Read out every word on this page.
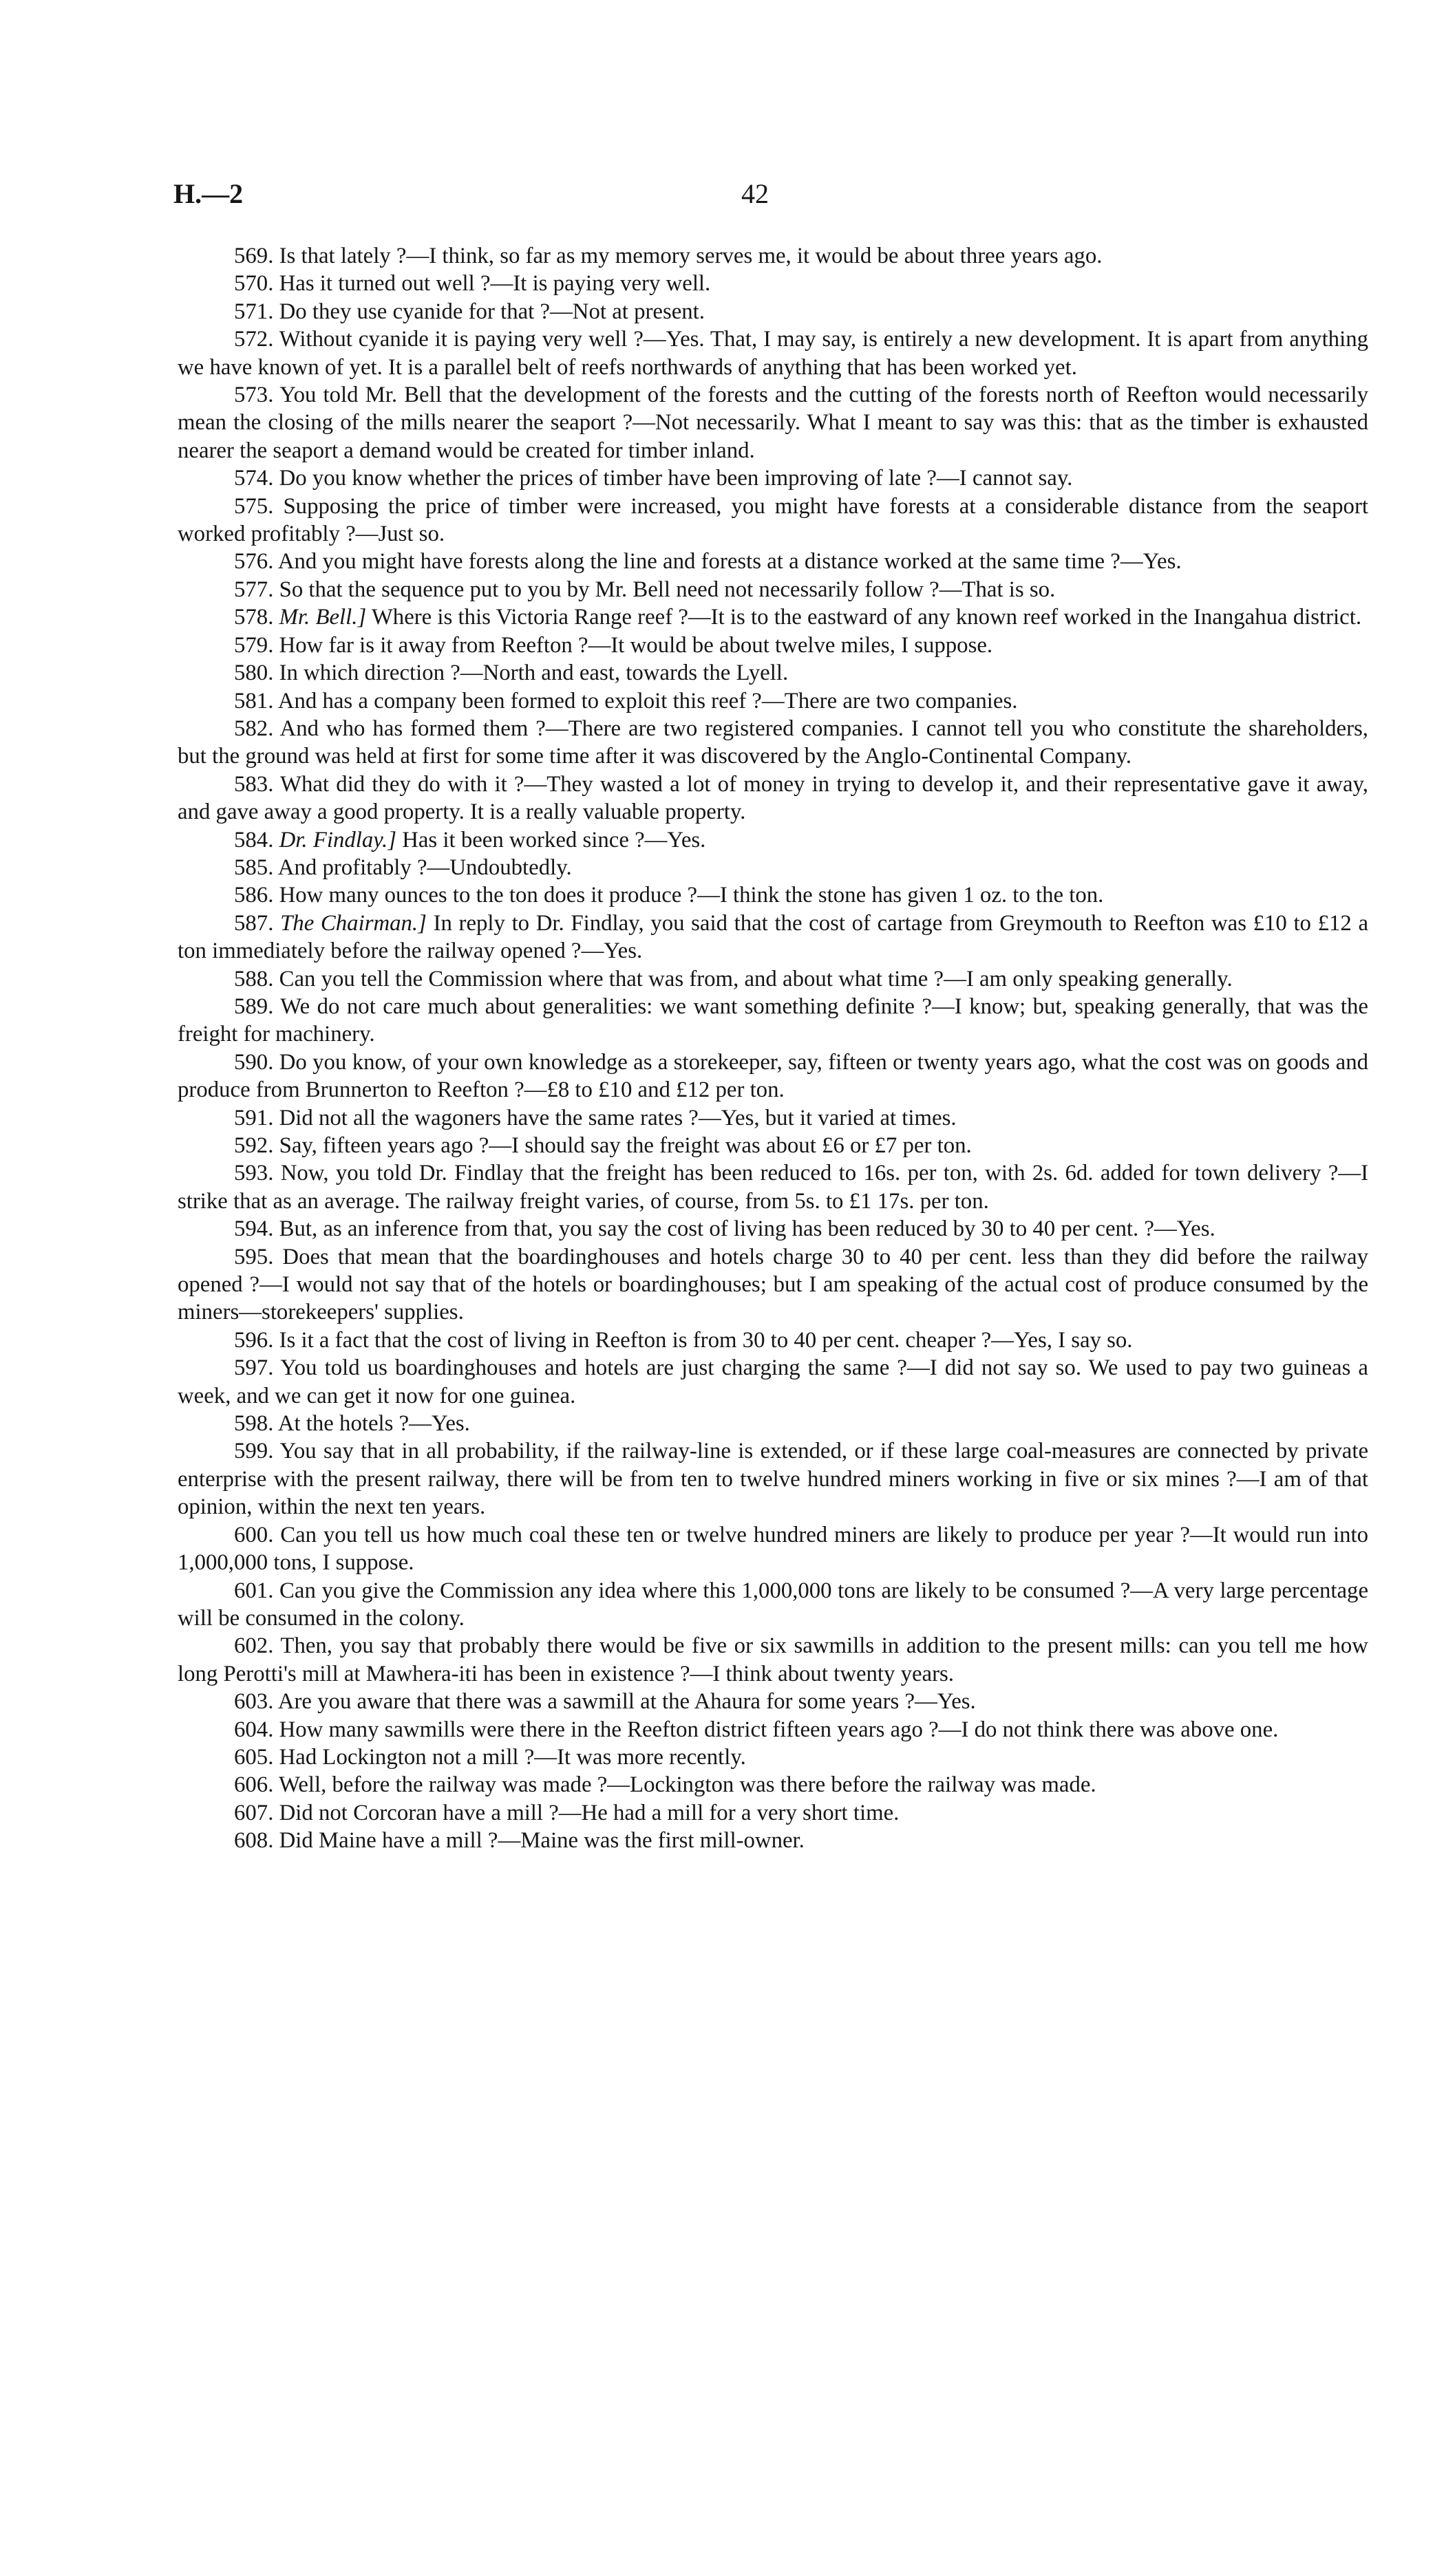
H.—2	42

569. Is that lately ?—I think, so far as my memory serves me, it would be about three years ago.

570. Has it turned out well ?—It is paying very well.

571. Do they use cyanide for that ?—Not at present.

572. Without cyanide it is paying very well ?—Yes. That, I may say, is entirely a new development. It is apart from anything we have known of yet. It is a parallel belt of reefs northwards of anything that has been worked yet.

573. You told Mr. Bell that the development of the forests and the cutting of the forests north of Reefton would necessarily mean the closing of the mills nearer the seaport ?—Not necessarily. What I meant to say was this: that as the timber is exhausted nearer the seaport a demand would be created for timber inland.

574. Do you know whether the prices of timber have been improving of late ?—I cannot say.

575. Supposing the price of timber were increased, you might have forests at a considerable distance from the seaport worked profitably ?—Just so.

576. And you might have forests along the line and forests at a distance worked at the same time ?—Yes.

577. So that the sequence put to you by Mr. Bell need not necessarily follow ?—That is so.

578. Mr. Bell.] Where is this Victoria Range reef ?—It is to the eastward of any known reef worked in the Inangahua district.

579. How far is it away from Reefton ?—It would be about twelve miles, I suppose.

580. In which direction ?—North and east, towards the Lyell.

581. And has a company been formed to exploit this reef ?—There are two companies.

582. And who has formed them ?—There are two registered companies. I cannot tell you who constitute the shareholders, but the ground was held at first for some time after it was discovered by the Anglo-Continental Company.

583. What did they do with it ?—They wasted a lot of money in trying to develop it, and their representative gave it away, and gave away a good property. It is a really valuable property.

584. Dr. Findlay.] Has it been worked since ?—Yes.

585. And profitably ?—Undoubtedly.

586. How many ounces to the ton does it produce ?—I think the stone has given 1 oz. to the ton.

587. The Chairman.] In reply to Dr. Findlay, you said that the cost of cartage from Greymouth to Reefton was £10 to £12 a ton immediately before the railway opened ?—Yes.

588. Can you tell the Commission where that was from, and about what time ?—I am only speaking generally.

589. We do not care much about generalities: we want something definite ?—I know; but, speaking generally, that was the freight for machinery.

590. Do you know, of your own knowledge as a storekeeper, say, fifteen or twenty years ago, what the cost was on goods and produce from Brunnerton to Reefton ?—£8 to £10 and £12 per ton.

591. Did not all the wagoners have the same rates ?—Yes, but it varied at times.

592. Say, fifteen years ago ?—I should say the freight was about £6 or £7 per ton.

593. Now, you told Dr. Findlay that the freight has been reduced to 16s. per ton, with 2s. 6d. added for town delivery ?—I strike that as an average. The railway freight varies, of course, from 5s. to £1 17s. per ton.

594. But, as an inference from that, you say the cost of living has been reduced by 30 to 40 per cent. ?—Yes.

595. Does that mean that the boardinghouses and hotels charge 30 to 40 per cent. less than they did before the railway opened ?—I would not say that of the hotels or boardinghouses; but I am speaking of the actual cost of produce consumed by the miners—storekeepers' supplies.

596. Is it a fact that the cost of living in Reefton is from 30 to 40 per cent. cheaper ?—Yes, I say so.

597. You told us boardinghouses and hotels are just charging the same ?—I did not say so. We used to pay two guineas a week, and we can get it now for one guinea.

598. At the hotels ?—Yes.

599. You say that in all probability, if the railway-line is extended, or if these large coal-measures are connected by private enterprise with the present railway, there will be from ten to twelve hundred miners working in five or six mines ?—I am of that opinion, within the next ten years.

600. Can you tell us how much coal these ten or twelve hundred miners are likely to produce per year ?—It would run into 1,000,000 tons, I suppose.

601. Can you give the Commission any idea where this 1,000,000 tons are likely to be consumed ?—A very large percentage will be consumed in the colony.

602. Then, you say that probably there would be five or six sawmills in addition to the present mills: can you tell me how long Perotti's mill at Mawhera-iti has been in existence ?—I think about twenty years.

603. Are you aware that there was a sawmill at the Ahaura for some years ?—Yes.

604. How many sawmills were there in the Reefton district fifteen years ago ?—I do not think there was above one.

605. Had Lockington not a mill ?—It was more recently.

606. Well, before the railway was made ?—Lockington was there before the railway was made.

607. Did not Corcoran have a mill ?—He had a mill for a very short time.

608. Did Maine have a mill ?—Maine was the first mill-owner.
